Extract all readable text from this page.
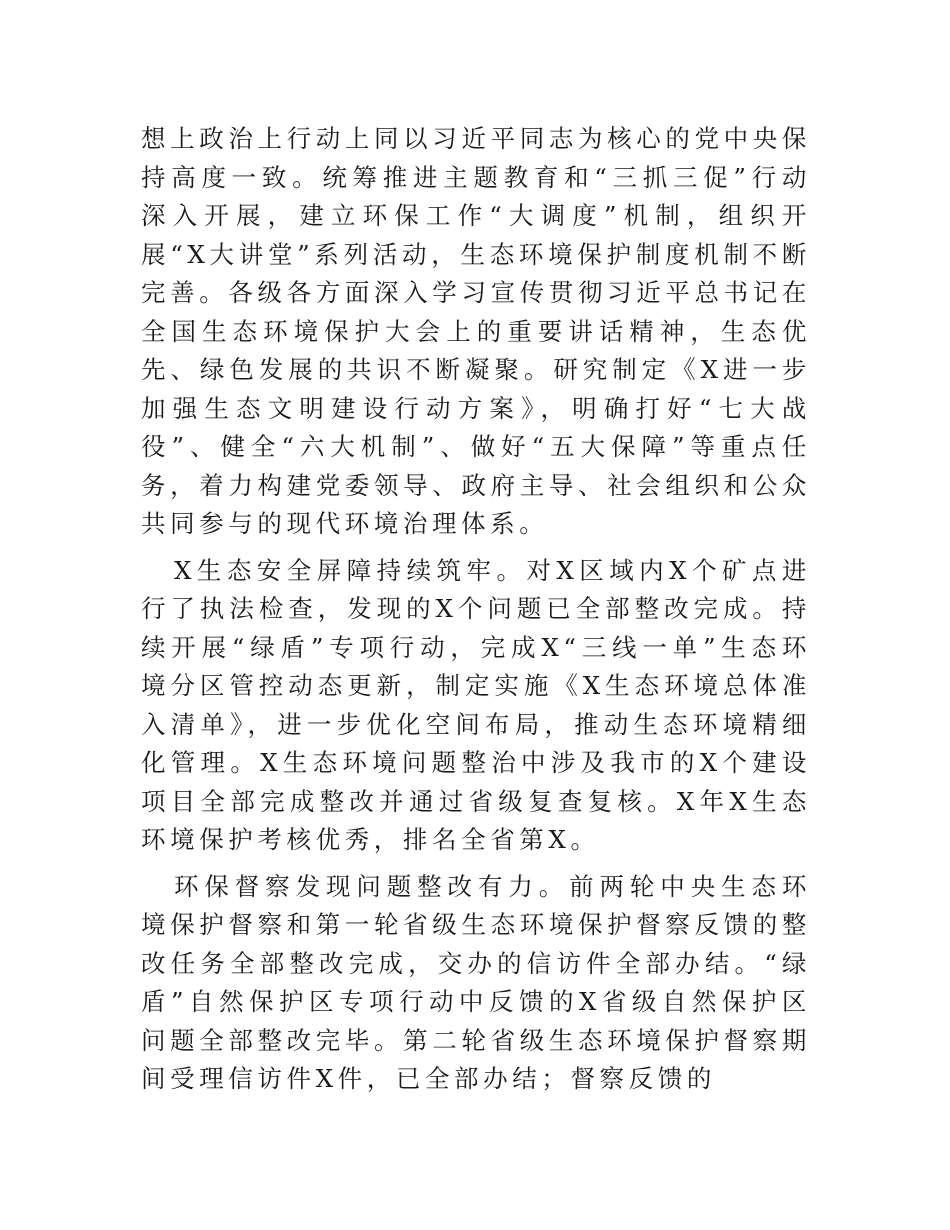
想上政治上行动上同以习近平同志为核心的党中央保持高度一致。统筹推进主题教育和“三抓三促”行动深入开展，建立环保工作“大调度”机制，组织开展“X大讲堂”系列活动，生态环境保护制度机制不断完善。各级各方面深入学习宣传贯彻习近平总书记在全国生态环境保护大会上的重要讲话精神，生态优先、绿色发展的共识不断凝聚。研究制定《X进一步加强生态文明建设行动方案》，明确打好“七大战役”、健全“六大机制”、做好“五大保障”等重点任务，着力构建党委领导、政府主导、社会组织和公众共同参与的现代环境治理体系。

X生态安全屏障持续筑牢。对X区域内X个矿点进行了执法检查，发现的X个问题已全部整改完成。持续开展“绿盾”专项行动，完成X“三线一单”生态环境分区管控动态更新，制定实施《X生态环境总体准入清单》，进一步优化空间布局，推动生态环境精细化管理。X生态环境问题整治中涉及我市的X个建设项目全部完成整改并通过省级复查复核。X年X生态环境保护考核优秀，排名全省第X。

环保督察发现问题整改有力。前两轮中央生态环境保护督察和第一轮省级生态环境保护督察反馈的整改任务全部整改完成，交办的信访件全部办结。“绿盾”自然保护区专项行动中反馈的X省级自然保护区问题全部整改完毕。第二轮省级生态环境保护督察期间受理信访件X件，已全部办结；督察反馈的
